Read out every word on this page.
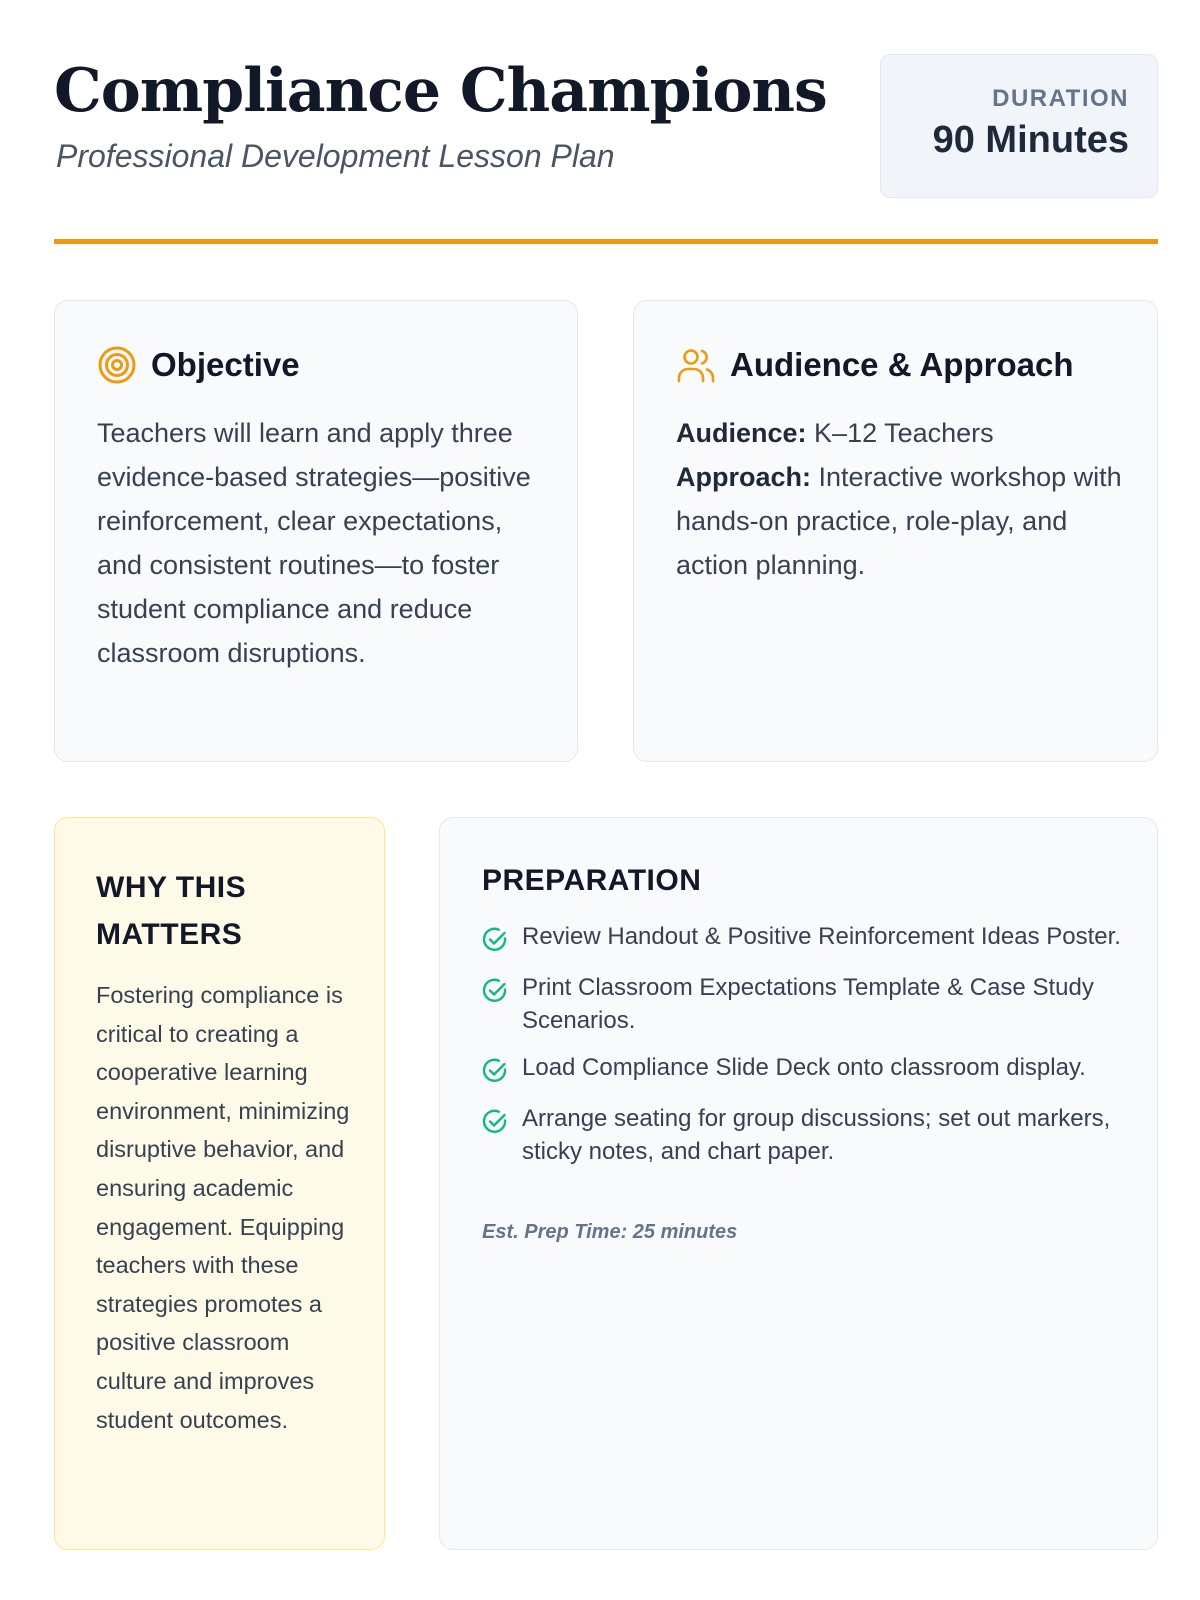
Compliance Champions

Professional Development Lesson Plan

DURATION
90 Minutes
Objective

Teachers will learn and apply three evidence-based strategies—positive reinforcement, clear expectations, and consistent routines—to foster student compliance and reduce classroom disruptions.

Audience & Approach
Audience: K–12 Teachers
Approach: Interactive workshop with hands-on practice, role-play, and action planning.
WHY THIS MATTERS

Fostering compliance is critical to creating a cooperative learning environment, minimizing disruptive behavior, and ensuring academic engagement. Equipping teachers with these strategies promotes a positive classroom culture and improves student outcomes.

PREPARATION
Review Handout & Positive Reinforcement Ideas Poster.
Print Classroom Expectations Template & Case Study Scenarios.
Load Compliance Slide Deck onto classroom display.
Arrange seating for group discussions; set out markers, sticky notes, and chart paper.

Est. Prep Time: 25 minutes
